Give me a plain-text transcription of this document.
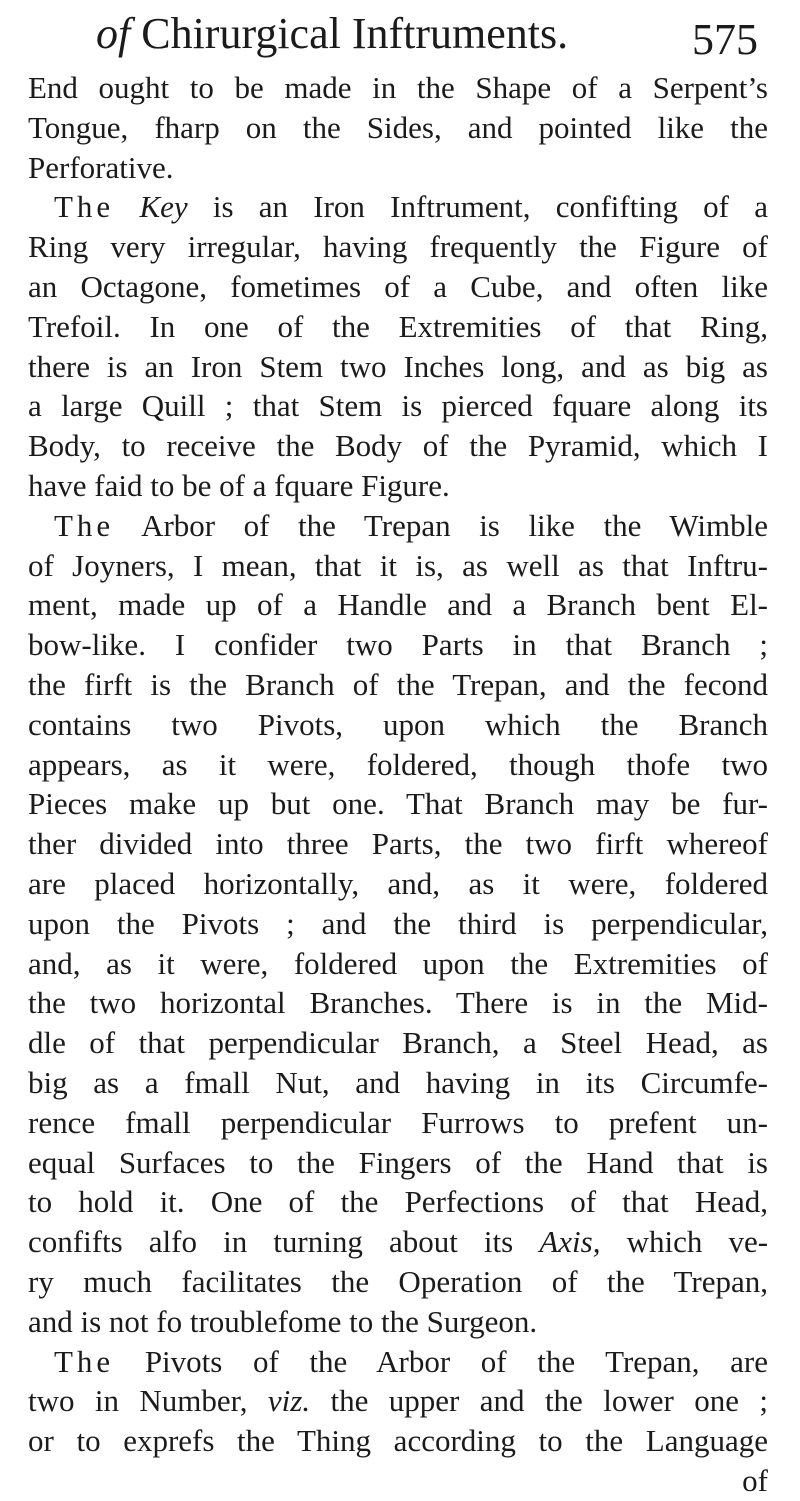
of Chirurgical Inftruments.	575
End ought to be made in the Shape of a Serpent’s
Tongue, fharp on the Sides, and pointed like the
Perforative.
The Key is an Iron Inftrument, confifting of a
Ring very irregular, having frequently the Figure of
an Octagone, fometimes of a Cube, and often like
Trefoil. In one of the Extremities of that Ring,
there is an Iron Stem two Inches long, and as big as
a large Quill ; that Stem is pierced fquare along its
Body, to receive the Body of the Pyramid, which I
have faid to be of a fquare Figure.
The Arbor of the Trepan is like the Wimble
of Joyners, I mean, that it is, as well as that Inftru-
ment, made up of a Handle and a Branch bent El-
bow-like. I confider two Parts in that Branch ;
the firft is the Branch of the Trepan, and the fecond
contains two Pivots, upon which the Branch
appears, as it were, foldered, though thofe two
Pieces make up but one. That Branch may be fur-
ther divided into three Parts, the two firft whereof
are placed horizontally, and, as it were, foldered
upon the Pivots ; and the third is perpendicular,
and, as it were, foldered upon the Extremities of
the two horizontal Branches. There is in the Mid-
dle of that perpendicular Branch, a Steel Head, as
big as a fmall Nut, and having in its Circumfe-
rence fmall perpendicular Furrows to prefent un-
equal Surfaces to the Fingers of the Hand that is
to hold it. One of the Perfections of that Head,
confifts alfo in turning about its Axis, which ve-
ry much facilitates the Operation of the Trepan,
and is not fo troublefome to the Surgeon.
The Pivots of the Arbor of the Trepan, are
two in Number, viz. the upper and the lower one ;
or to exprefs the Thing according to the Language
of
